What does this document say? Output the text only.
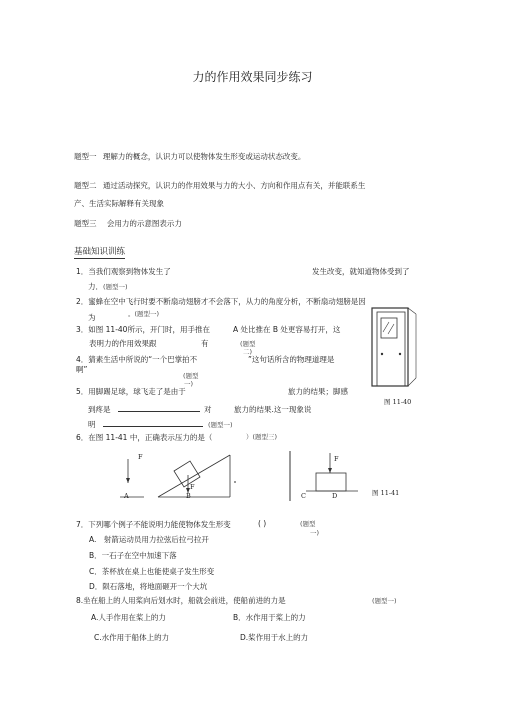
力的作用效果同步练习
题型一 理解力的概念，认识力可以使物体发生形变或运动状态改变。
题型二 通过活动探究，认识力的作用效果与力的大小、方向和作用点有关，并能联系生
产、生活实际解释有关现象
题型三 会用力的示意图表示力
基础知识训练
1．当我们观察到物体发生了	发生改变，就知道物体受到了
力．(题型一)
2．蜜蜂在空中飞行时要不断扇动翅膀才不会落下，从力的角度分析，不断扇动翅膀是因
为	。(题型一)
3．如图 11-40所示，开门时，用手推在	A 处比推在 B 处更容易打开，这
表明力的作用效果跟	有	(题型
二)
4．猜素生活中所说的“一个巴掌拍不	”这句话所含的物理道理是
啊”
(题型
一)
5．用脚踢足球，球飞走了是由于	旅力的结果；脚感
到疼是	对	旅力的结果.这一现象说
明	(题型一)
6．在图 11-41 中，正确表示压力的是（	）(题型三)
图 11-40
A	B	C	D
F
F
F
图 11-41
7．下列哪个例子不能说明力能使物体发生形变	( )	(题型
一)
A.　射箭运动员用力拉弦后拉弓拉开
B．一石子在空中加速下落
C．茶杯放在桌上也能使桌子发生形变
D．陨石落地，将地面砸开一个大坑
8.坐在船上的人用桨向后划水时，船就会前进，使船前进的力是	(题型一)
A.人手作用在桨上的力	B．水作用于桨上的力
C.水作用于船体上的力	D.桨作用于水上的力
